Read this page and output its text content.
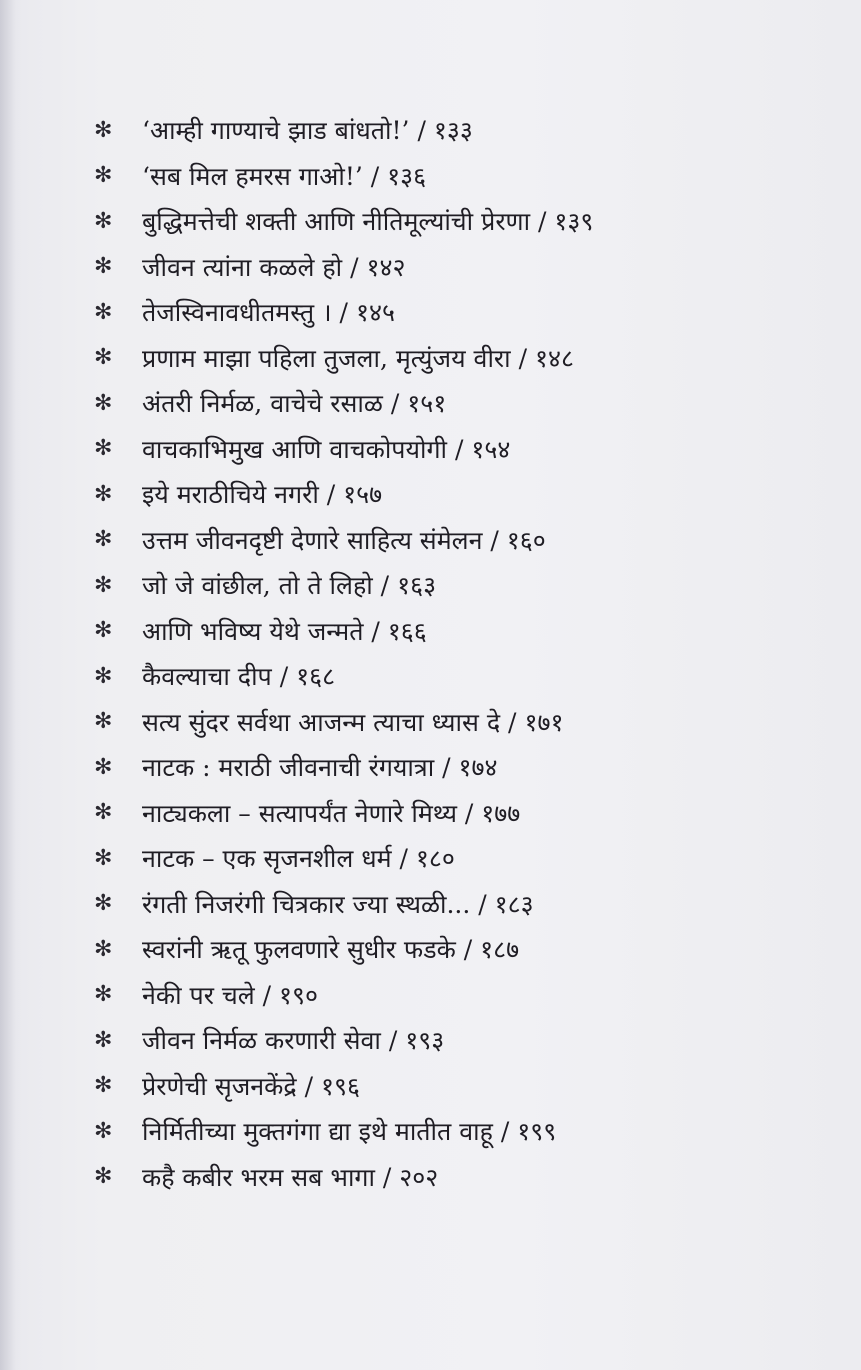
✻	‘आम्ही गाण्याचे झाड बांधतो!’ / १३३
✻	‘सब मिल हमरस गाओ!’ / १३६
✻	बुद्धिमत्तेची शक्ती आणि नीतिमूल्यांची प्रेरणा / १३९
✻	जीवन त्यांना कळले हो / १४२
✻	तेजस्विनावधीतमस्तु । / १४५
✻	प्रणाम माझा पहिला तुजला, मृत्युंजय वीरा / १४८
✻	अंतरी निर्मळ, वाचेचे रसाळ / १५१
✻	वाचकाभिमुख आणि वाचकोपयोगी / १५४
✻	इये मराठीचिये नगरी / १५७
✻	उत्तम जीवनदृष्टी देणारे साहित्य संमेलन / १६०
✻	जो जे वांछील, तो ते लिहो / १६३
✻	आणि भविष्य येथे जन्मते / १६६
✻	कैवल्याचा दीप / १६८
✻	सत्य सुंदर सर्वथा आजन्म त्याचा ध्यास दे / १७१
✻	नाटक : मराठी जीवनाची रंगयात्रा / १७४
✻	नाट्यकला – सत्यापर्यंत नेणारे मिथ्य / १७७
✻	नाटक – एक सृजनशील धर्म / १८०
✻	रंगती निजरंगी चित्रकार ज्या स्थळी... / १८३
✻	स्वरांनी ऋतू फुलवणारे सुधीर फडके / १८७
✻	नेकी पर चले / १९०
✻	जीवन निर्मळ करणारी सेवा / १९३
✻	प्रेरणेची सृजनकेंद्रे / १९६
✻	निर्मितीच्या मुक्तगंगा द्या इथे मातीत वाहू / १९९
✻	कहै कबीर भरम सब भागा / २०२
